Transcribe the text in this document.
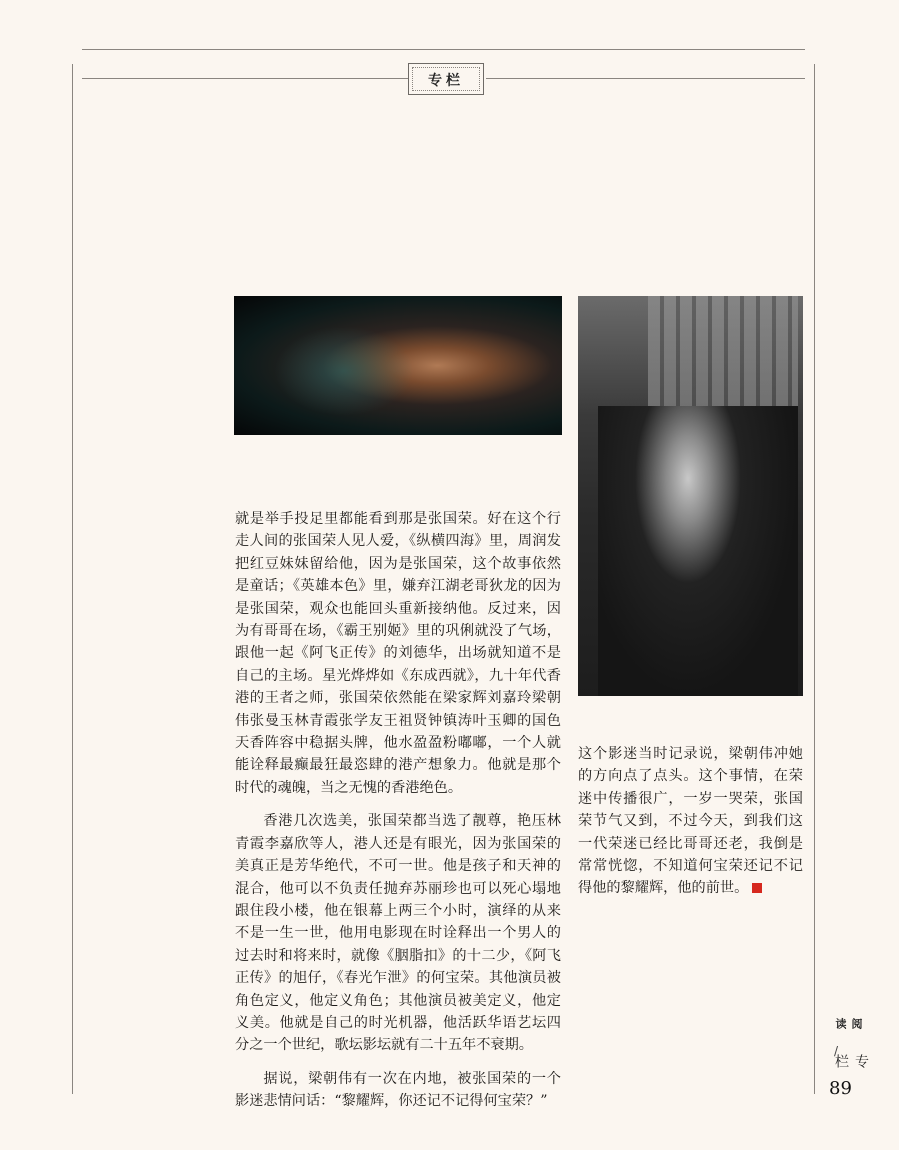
专栏

就是举手投足里都能看到那是张国荣。好在这个行走人间的张国荣人见人爱，《纵横四海》里，周润发把红豆妹妹留给他，因为是张国荣，这个故事依然是童话；《英雄本色》里，嫌弃江湖老哥狄龙的因为是张国荣，观众也能回头重新接纳他。反过来，因为有哥哥在场，《霸王别姬》里的巩俐就没了气场，跟他一起《阿飞正传》的刘德华，出场就知道不是自己的主场。星光烨烨如《东成西就》，九十年代香港的王者之师，张国荣依然能在梁家辉刘嘉玲梁朝伟张曼玉林青霞张学友王祖贤钟镇涛叶玉卿的国色天香阵容中稳据头牌，他水盈盈粉嘟嘟，一个人就能诠释最癫最狂最恣肆的港产想象力。他就是那个时代的魂魄，当之无愧的香港绝色。

香港几次选美，张国荣都当选了靓尊，艳压林青霞李嘉欣等人，港人还是有眼光，因为张国荣的美真正是芳华绝代，不可一世。他是孩子和天神的混合，他可以不负责任抛弃苏丽珍也可以死心塌地跟住段小楼，他在银幕上两三个小时，演绎的从来不是一生一世，他用电影现在时诠释出一个男人的过去时和将来时，就像《胭脂扣》的十二少，《阿飞正传》的旭仔，《春光乍泄》的何宝荣。其他演员被角色定义，他定义角色；其他演员被美定义，他定义美。他就是自己的时光机器，他活跃华语艺坛四分之一个世纪，歌坛影坛就有二十五年不衰期。

据说，梁朝伟有一次在内地，被张国荣的一个影迷悲情问话：“黎耀辉，你还记不记得何宝荣？”

这个影迷当时记录说，梁朝伟冲她的方向点了点头。这个事情，在荣迷中传播很广，一岁一哭荣，张国荣节气又到，不过今天，到我们这一代荣迷已经比哥哥还老，我倒是常常恍惚，不知道何宝荣还记不记得他的黎耀辉，他的前世。

阅读
/
专栏
89
